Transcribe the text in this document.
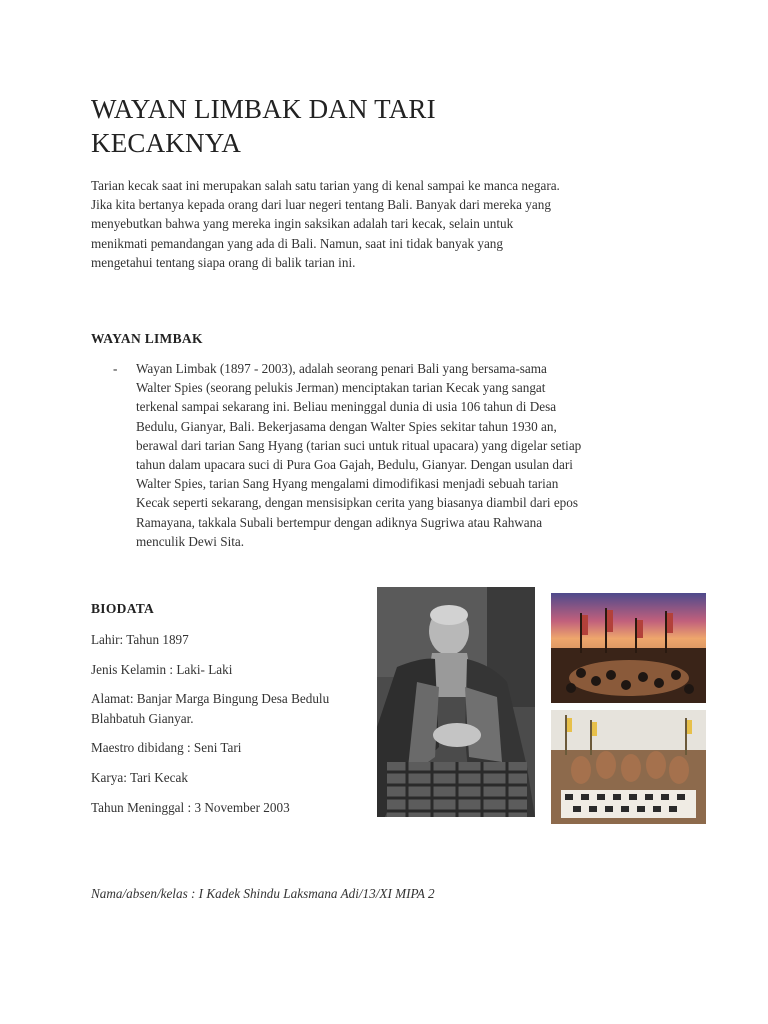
WAYAN LIMBAK DAN TARI KECAKNYA

Tarian kecak saat ini merupakan salah satu tarian yang di kenal sampai ke manca negara. Jika kita bertanya kepada orang dari luar negeri tentang Bali. Banyak dari mereka yang menyebutkan bahwa yang mereka ingin saksikan adalah tari kecak, selain untuk menikmati pemandangan yang ada di Bali. Namun, saat ini tidak banyak yang mengetahui tentang siapa orang di balik tarian ini.

WAYAN LIMBAK
- Wayan Limbak (1897 - 2003), adalah seorang penari Bali yang bersama-sama Walter Spies (seorang pelukis Jerman) menciptakan tarian Kecak yang sangat terkenal sampai sekarang ini. Beliau meninggal dunia di usia 106 tahun di Desa Bedulu, Gianyar, Bali. Bekerjasama dengan Walter Spies sekitar tahun 1930 an, berawal dari tarian Sang Hyang (tarian suci untuk ritual upacara) yang digelar setiap tahun dalam upacara suci di Pura Goa Gajah, Bedulu, Gianyar. Dengan usulan dari Walter Spies, tarian Sang Hyang mengalami dimodifikasi menjadi sebuah tarian Kecak seperti sekarang, dengan mensisipkan cerita yang biasanya diambil dari epos Ramayana, takkala Subali bertempur dengan adiknya Sugriwa atau Rahwana menculik Dewi Sita.

BIODATA

Lahir: Tahun 1897

Jenis Kelamin : Laki- Laki

Alamat: Banjar Marga Bingung Desa Bedulu Blahbatuh Gianyar.

Maestro dibidang : Seni Tari

Karya: Tari Kecak

Tahun Meninggal : 3 November 2003

Nama/absen/kelas : I Kadek Shindu Laksmana Adi/13/XI MIPA 2
